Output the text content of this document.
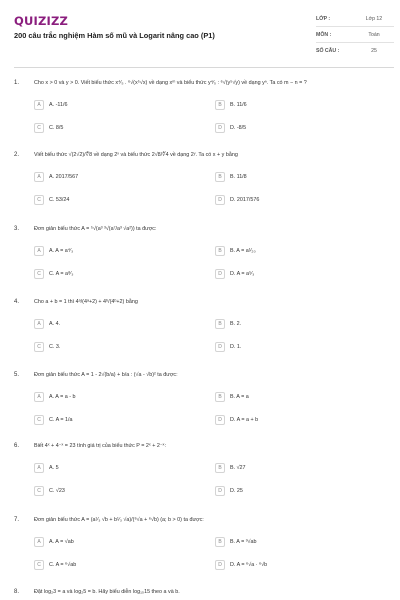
QUIZIZZ
200 câu trắc nghiệm Hàm số mũ và Logarit nâng cao (P1)
LỚP :	Lớp 12
MÔN :	Toán
SỐ CÂU :	25
1.	Cho x > 0 và y > 0. Viết biểu thức x⁴⁄₅ . ⁶√(x⁵√x) về dạng xᵐ và biểu thức y⁴⁄₅ : ⁶√(y⁵√y) về dạng yⁿ. Ta có m − n = ?
A	A. -11/6	B	B. 11/6
C	C. 8/5	D	D. -8/5
2.	Viết biểu thức √(2√2)/∜8 về dạng 2ˣ và biểu thức 2√8/∜4 về dạng 2ʸ. Ta có x + y bằng
A	A. 2017/567	B	B. 11/8
C	C. 53/24	D	D. 2017/576
3.	Đơn giản biểu thức A = ⁵√(a³ ³√(a⁷/a³ √a²)) ta được:
A	A. A = a⁴⁄₃	B	B. A = a¹⁄₂₀
C	C. A = a⁸⁄₃	D	D. A = a⁵⁄₃
4.	Cho a + b = 1 thì 4ᵃ/(4ᵃ+2) + 4ᵇ/(4ᵇ+2) bằng
A	A. 4.	B	B. 2.
C	C. 3.	D	D. 1.
5.	Đơn giản biểu thức A = 1 - 2√(b/a) + b/a : (√a - √b)² ta được:
A	A. A = a - b	B	B. A = a
C	C. A = 1/a	D	D. A = a + b
6.	Biết 4ˣ + 4⁻ˣ = 23 tính giá trị của biểu thức P = 2ˣ + 2⁻ˣ:
A	A. 5	B	B. √27
C	C. √23	D	D. 25
7.	Đơn giản biểu thức A = (a¹⁄₃ √b + b¹⁄₃ √a)/(⁶√a + ⁶√b) (a; b > 0) ta được:
A	A. A = √ab	B	B. A = ³√ab
C	C. A = ⁶√ab	D	D. A = ⁶√a · ⁶√b
8.	Đặt log₂3 = a và log₂5 = b. Hãy biểu diễn log₁₅15 theo a và b.
